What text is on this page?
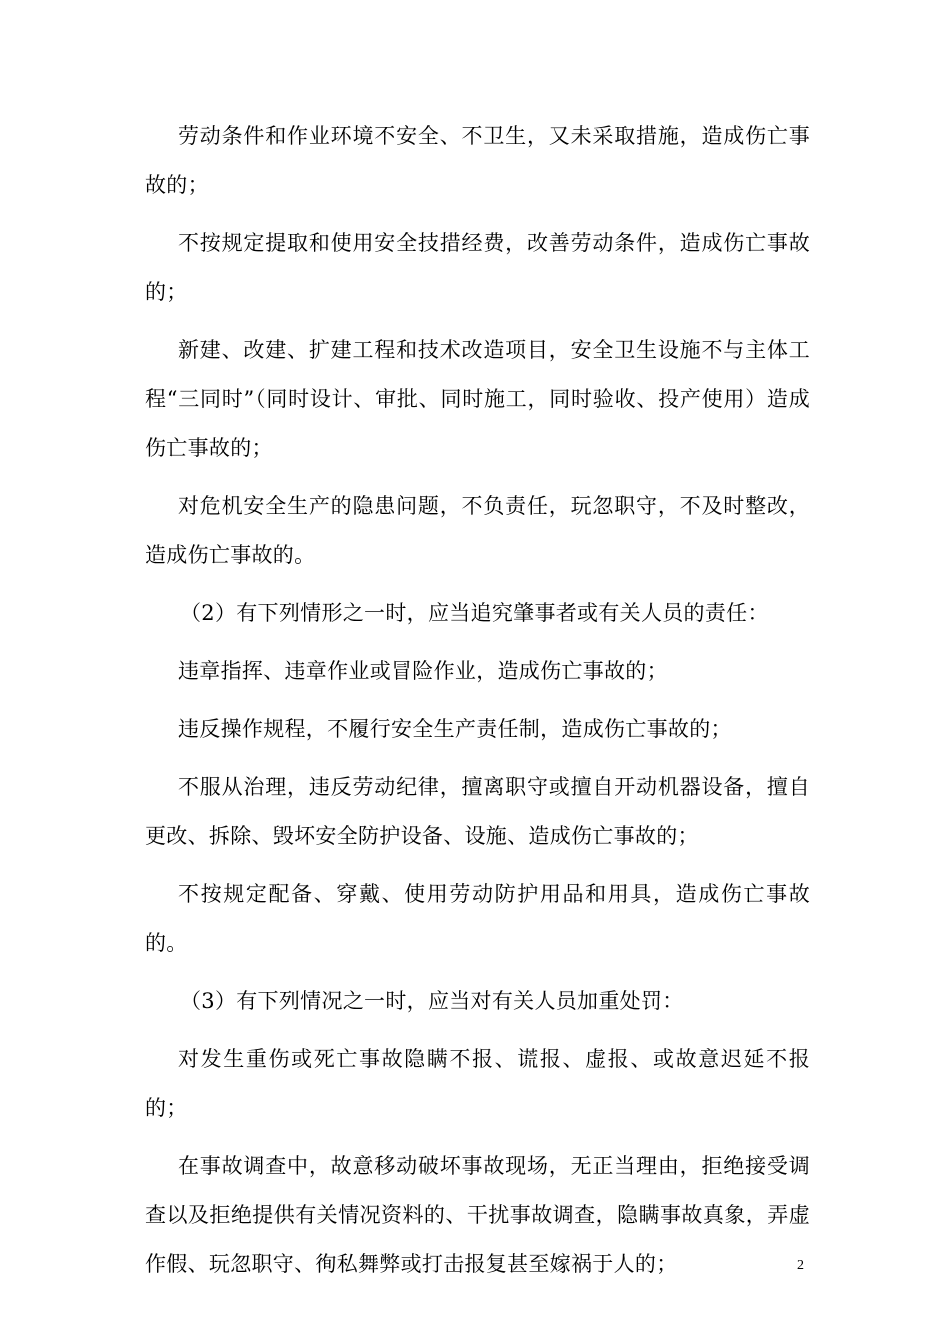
劳动条件和作业环境不安全、不卫生，又未采取措施，造成伤亡事故的；

不按规定提取和使用安全技措经费，改善劳动条件，造成伤亡事故的；

新建、改建、扩建工程和技术改造项目，安全卫生设施不与主体工程“三同时”（同时设计、审批、同时施工，同时验收、投产使用）造成伤亡事故的；

对危机安全生产的隐患问题，不负责任，玩忽职守，不及时整改，造成伤亡事故的。

（2）有下列情形之一时，应当追究肇事者或有关人员的责任：

违章指挥、违章作业或冒险作业，造成伤亡事故的；

违反操作规程，不履行安全生产责任制，造成伤亡事故的；

不服从治理，违反劳动纪律，擅离职守或擅自开动机器设备，擅自更改、拆除、毁坏安全防护设备、设施、造成伤亡事故的；

不按规定配备、穿戴、使用劳动防护用品和用具，造成伤亡事故的。

（3）有下列情况之一时，应当对有关人员加重处罚：

对发生重伤或死亡事故隐瞒不报、谎报、虚报、或故意迟延不报的；

在事故调查中，故意移动破坏事故现场，无正当理由，拒绝接受调查以及拒绝提供有关情况资料的、干扰事故调查，隐瞒事故真象，弄虚作假、玩忽职守、徇私舞弊或打击报复甚至嫁祸于人的；	2
